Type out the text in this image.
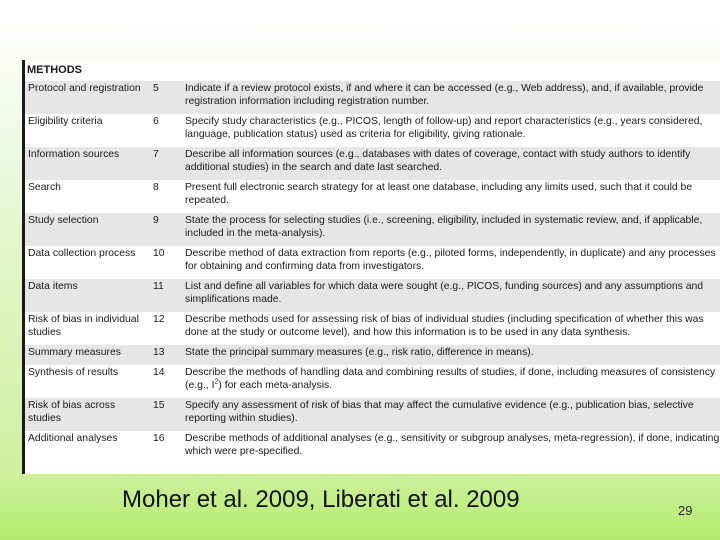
METHODS		
Protocol and registration	5	Indicate if a review protocol exists, if and where it can be accessed (e.g., Web address), and, if available, provide registration information including registration number.
Eligibility criteria	6	Specify study characteristics (e.g., PICOS, length of follow-up) and report characteristics (e.g., years considered, language, publication status) used as criteria for eligibility, giving rationale.
Information sources	7	Describe all information sources (e.g., databases with dates of coverage, contact with study authors to identify additional studies) in the search and date last searched.
Search	8	Present full electronic search strategy for at least one database, including any limits used, such that it could be repeated.
Study selection	9	State the process for selecting studies (i.e., screening, eligibility, included in systematic review, and, if applicable, included in the meta-analysis).
Data collection process	10	Describe method of data extraction from reports (e.g., piloted forms, independently, in duplicate) and any processes for obtaining and confirming data from investigators.
Data items	11	List and define all variables for which data were sought (e.g., PICOS, funding sources) and any assumptions and simplifications made.
Risk of bias in individual studies	12	Describe methods used for assessing risk of bias of individual studies (including specification of whether this was done at the study or outcome level), and how this information is to be used in any data synthesis.
Summary measures	13	State the principal summary measures (e.g., risk ratio, difference in means).
Synthesis of results	14	Describe the methods of handling data and combining results of studies, if done, including measures of consistency (e.g., $I^2$) for each meta-analysis.
Risk of bias across studies	15	Specify any assessment of risk of bias that may affect the cumulative evidence (e.g., publication bias, selective reporting within studies).
Additional analyses	16	Describe methods of additional analyses (e.g., sensitivity or subgroup analyses, meta-regression), if done, indicating which were pre-specified.
Moher et al. 2009, Liberati et al. 2009	29
